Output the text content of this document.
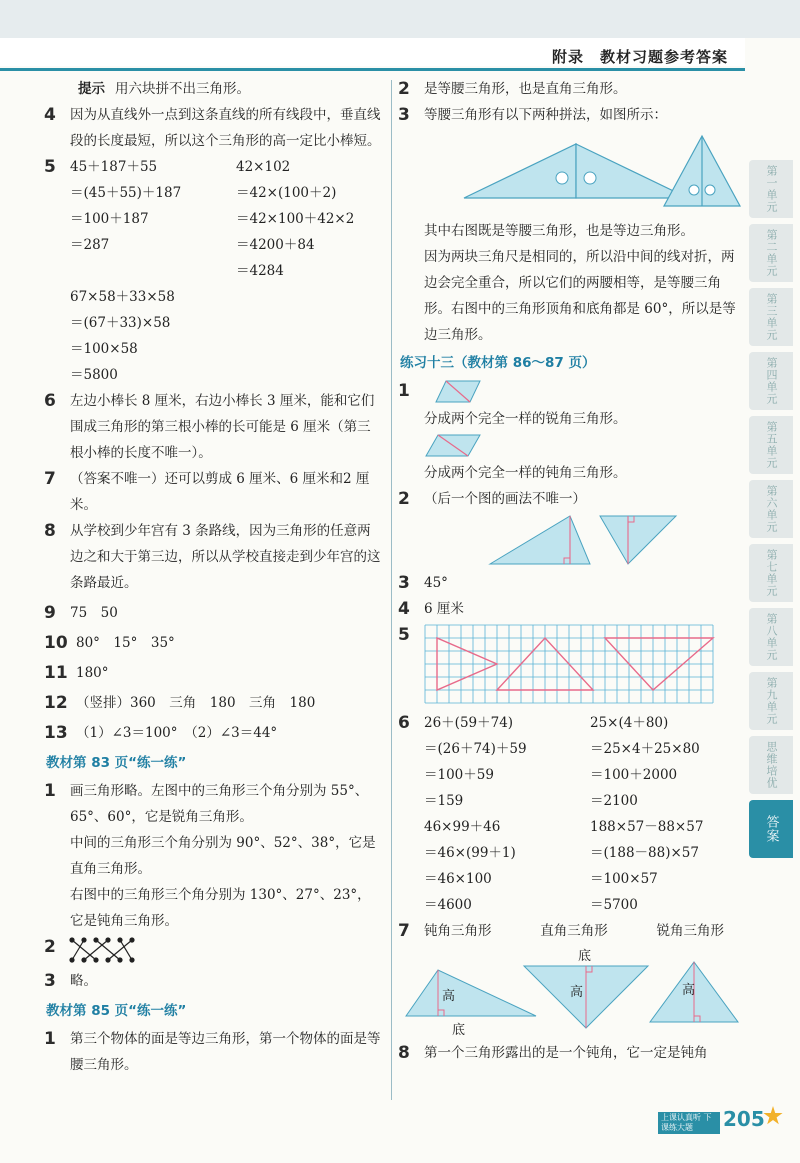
附录　教材习题参考答案
提示 用六块拼不出三角形。
4 因为从直线外一点到这条直线的所有线段中，垂直线段的长度最短，所以这个三角形的高一定比小棒短。
5 45＋187＋55
＝(45＋55)＋187
＝100＋187
＝287
42×102
＝42×(100＋2)
＝42×100＋42×2
＝4200＋84
＝4284
67×58＋33×58
＝(67＋33)×58
＝100×58
＝5800
6 左边小棒长 8 厘米，右边小棒长 3 厘米，能和它们围成三角形的第三根小棒的长可能是 6 厘米（第三根小棒的长度不唯一）。
7 （答案不唯一）还可以剪成 6 厘米、6 厘米和2 厘米。
8 从学校到少年宫有 3 条路线，因为三角形的任意两边之和大于第三边，所以从学校直接走到少年宫的这条路最近。
9 75　50
10 80°　15°　35°
11 180°
12 （竖排）360　三角　180　三角　180
13 （1）∠3＝100°　（2）∠3＝44°
教材第 83 页“练一练”
1 画三角形略。左图中的三角形三个角分别为 55°、65°、60°，它是锐角三角形。
中间的三角形三个角分别为 90°、52°、38°，它是直角三角形。
右图中的三角形三个角分别为 130°、27°、23°，它是钝角三角形。
2
3 略。
教材第 85 页“练一练”
1 第三个物体的面是等边三角形，第一个物体的面是等腰三角形。
2 是等腰三角形，也是直角三角形。
3 等腰三角形有以下两种拼法，如图所示：
其中右图既是等腰三角形，也是等边三角形。
因为两块三角尺是相同的，所以沿中间的线对折，两边会完全重合，所以它们的两腰相等，是等腰三角形。右图中的三角形顶角和底角都是 60°，所以是等边三角形。
练习十三（教材第 86～87 页）
1
分成两个完全一样的锐角三角形。
分成两个完全一样的钝角三角形。
2 （后一个图的画法不唯一）
3 45°
4 6 厘米
5
6 26＋(59＋74)
＝(26＋74)＋59
＝100＋59
＝159
25×(4＋80)
＝25×4＋25×80
＝100＋2000
＝2100
46×99＋46
＝46×(99＋1)
＝46×100
＝4600
188×57－88×57
＝(188－88)×57
＝100×57
＝5700
7 钝角三角形	直角三角形	锐角三角形
高
底
底
高	高
8 第一个三角形露出的是一个钝角，它一定是钝角
第一单元
第二单元
第三单元
第四单元
第五单元
第六单元
第七单元
第八单元
第九单元
思维培优
答案
上课认真听 下课练大题	205
